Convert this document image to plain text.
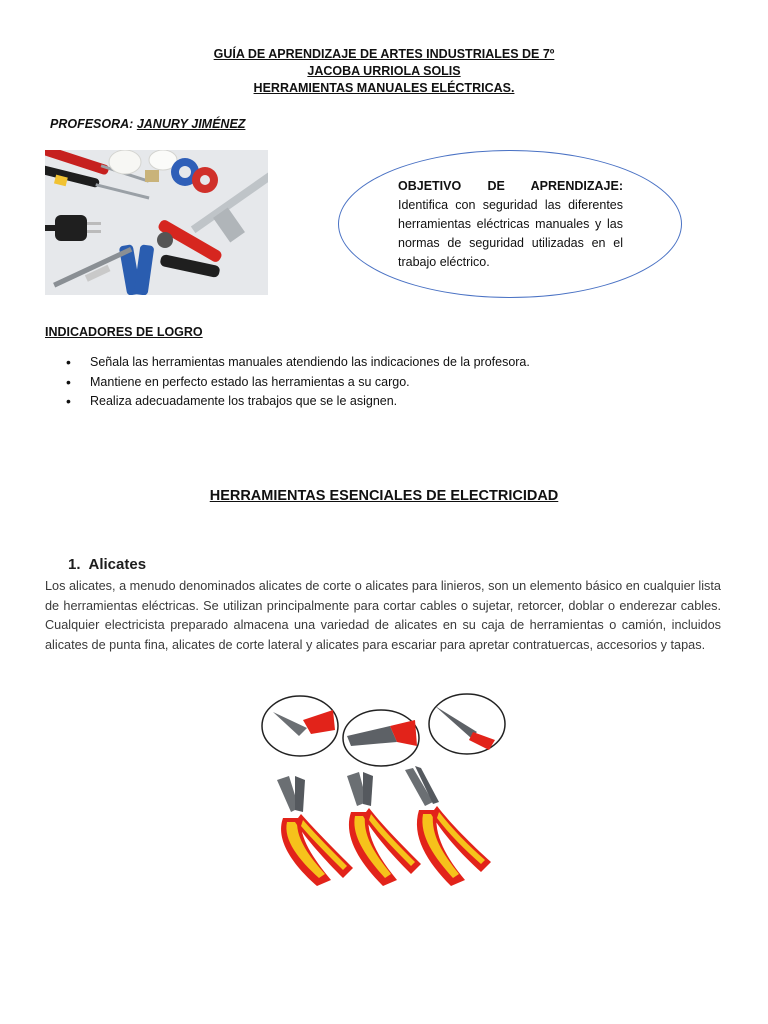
GUÍA DE APRENDIZAJE DE ARTES INDUSTRIALES DE 7º
JACOBA URRIOLA SOLIS
HERRAMIENTAS MANUALES ELÉCTRICAS.
PROFESORA: JANURY JIMÉNEZ
OBJETIVO DE APRENDIZAJE: Identifica con seguridad las diferentes herramientas eléctricas manuales y las normas de seguridad utilizadas en el trabajo eléctrico.
INDICADORES DE LOGRO
• Señala las herramientas manuales atendiendo las indicaciones de la profesora.
• Mantiene en perfecto estado las herramientas a su cargo.
• Realiza adecuadamente los trabajos que se le asignen.
HERRAMIENTAS ESENCIALES DE ELECTRICIDAD
1. Alicates
Los alicates, a menudo denominados alicates de corte o alicates para linieros, son un elemento básico en cualquier lista de herramientas eléctricas. Se utilizan principalmente para cortar cables o sujetar, retorcer, doblar o enderezar cables. Cualquier electricista preparado almacena una variedad de alicates en su caja de herramientas o camión, incluidos alicates de punta fina, alicates de corte lateral y alicates para escariar para apretar contratuercas, accesorios y tapas.
